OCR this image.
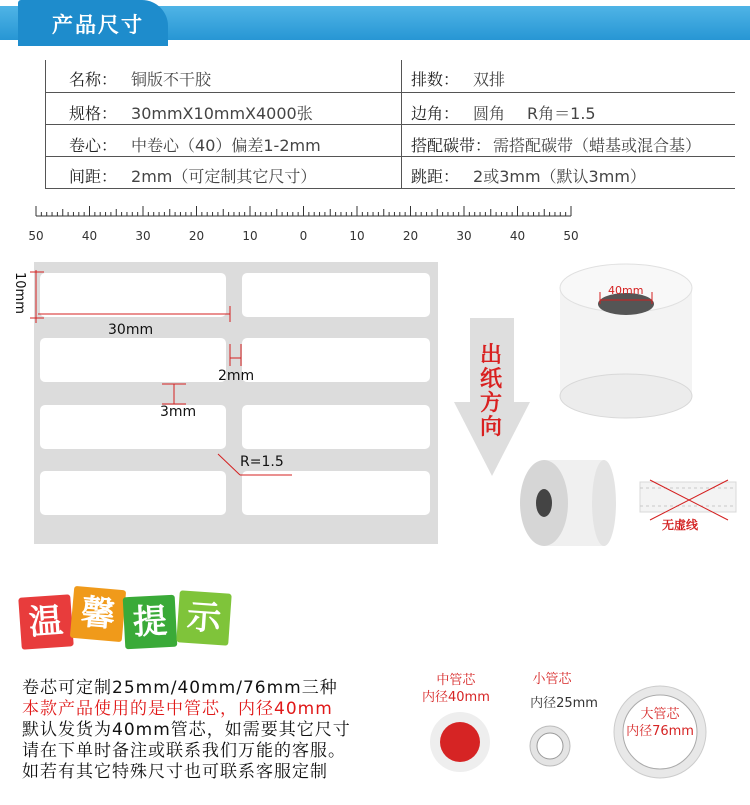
产品尺寸
名称： 铜版不干胶	排数： 双排
规格： 30mmX10mmX4000张	边角： 圆角 R角＝1.5
卷心： 中卷心（40）偏差1-2mm	搭配碳带： 需搭配碳带（蜡基或混合基）
间距： 2mm（可定制其它尺寸）	跳距： 2或3mm（默认3mm）
50	40	30	20	10	0	10	20	30	40	50
10mm
30mm
2mm
3mm
R=1.5
40mm
出纸方向
无虚线
温 馨 提 示
卷芯可定制25mm/40mm/76mm三种
本款产品使用的是中管芯，内径40mm
默认发货为40mm管芯，如需要其它尺寸
请在下单时备注或联系我们万能的客服。
如若有其它特殊尺寸也可联系客服定制
中管芯
内径40mm
小管芯
内径25mm
大管芯
内径76mm
